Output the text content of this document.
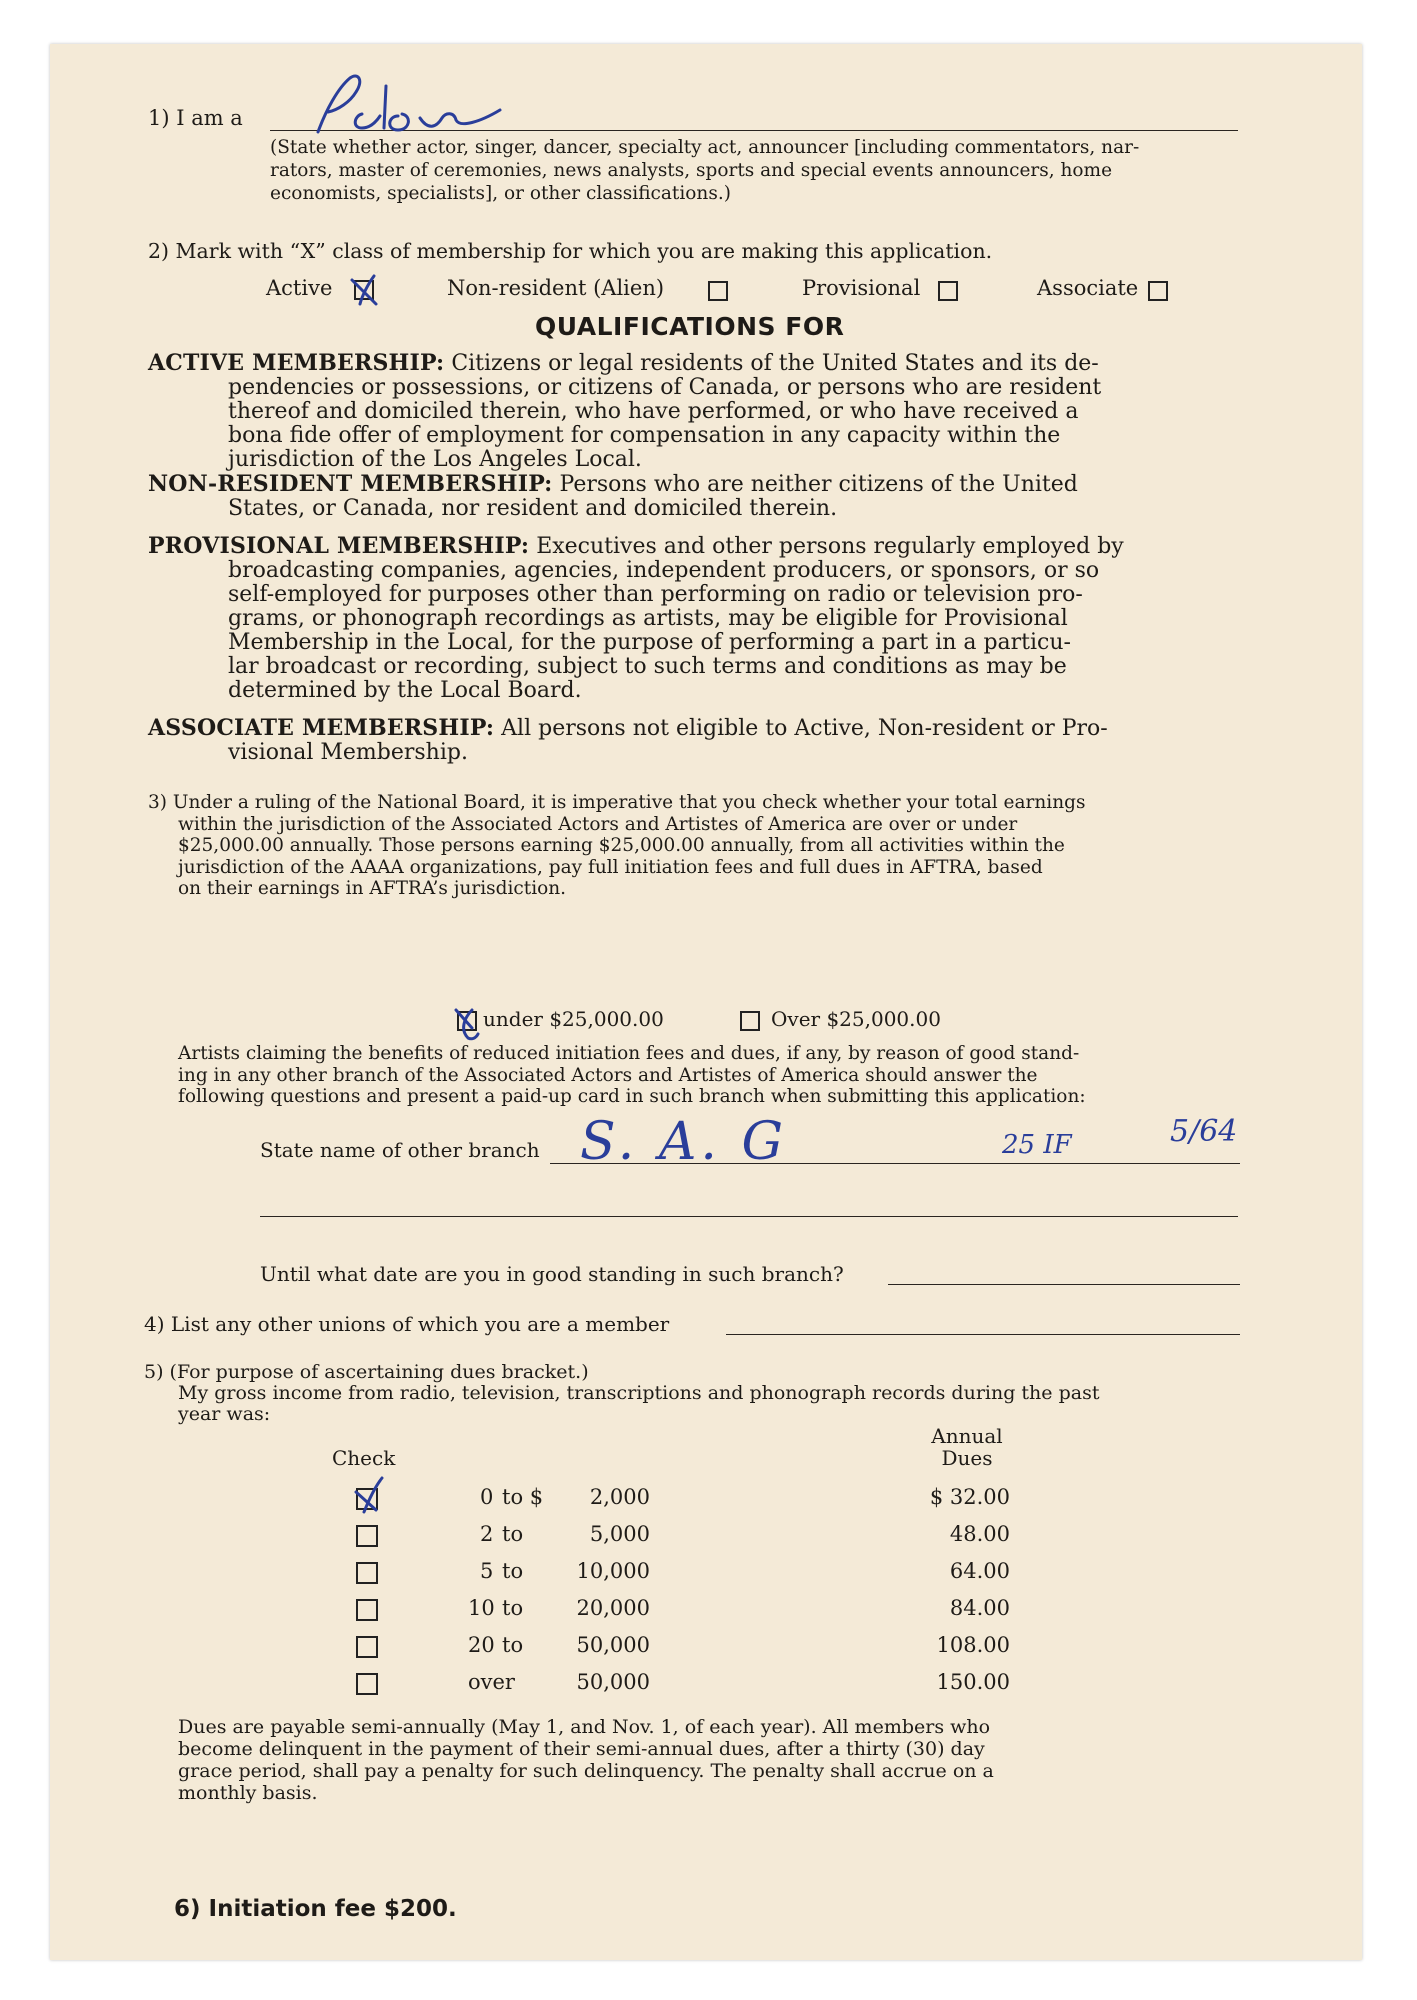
1) I am a
(State whether actor, singer, dancer, specialty act, announcer [including commentators, nar-
rators, master of ceremonies, news analysts, sports and special events announcers, home
economists, specialists], or other classifications.)
2) Mark with “X” class of membership for which you are making this application.
Active	Non-resident (Alien)	Provisional	Associate
QUALIFICATIONS FOR
ACTIVE MEMBERSHIP: Citizens or legal residents of the United States and its de-
pendencies or possessions, or citizens of Canada, or persons who are resident
thereof and domiciled therein, who have performed, or who have received a
bona fide offer of employment for compensation in any capacity within the
jurisdiction of the Los Angeles Local.
NON-RESIDENT MEMBERSHIP: Persons who are neither citizens of the United
States, or Canada, nor resident and domiciled therein.
PROVISIONAL MEMBERSHIP: Executives and other persons regularly employed by
broadcasting companies, agencies, independent producers, or sponsors, or so
self-employed for purposes other than performing on radio or television pro-
grams, or phonograph recordings as artists, may be eligible for Provisional
Membership in the Local, for the purpose of performing a part in a particu-
lar broadcast or recording, subject to such terms and conditions as may be
determined by the Local Board.
ASSOCIATE MEMBERSHIP: All persons not eligible to Active, Non-resident or Pro-
visional Membership.
3) Under a ruling of the National Board, it is imperative that you check whether your total earnings
within the jurisdiction of the Associated Actors and Artistes of America are over or under
$25,000.00 annually. Those persons earning $25,000.00 annually, from all activities within the
jurisdiction of the AAAA organizations, pay full initiation fees and full dues in AFTRA, based
on their earnings in AFTRA’s jurisdiction.
under $25,000.00	Over $25,000.00
Artists claiming the benefits of reduced initiation fees and dues, if any, by reason of good stand-
ing in any other branch of the Associated Actors and Artistes of America should answer the
following questions and present a paid-up card in such branch when submitting this application:
State name of other branch S. A. G	25 IF	5/64
Until what date are you in good standing in such branch?
4) List any other unions of which you are a member
5) (For purpose of ascertaining dues bracket.)
My gross income from radio, television, transcriptions and phonograph records during the past
year was:
Check
Annual
Dues
0 to $	2,000	$ 32.00
2 to	5,000	48.00
5 to	10,000	64.00
10 to	20,000	84.00
20 to	50,000	108.00
over	50,000	150.00
Dues are payable semi-annually (May 1, and Nov. 1, of each year). All members who
become delinquent in the payment of their semi-annual dues, after a thirty (30) day
grace period, shall pay a penalty for such delinquency. The penalty shall accrue on a
monthly basis.
6) Initiation fee $200.
